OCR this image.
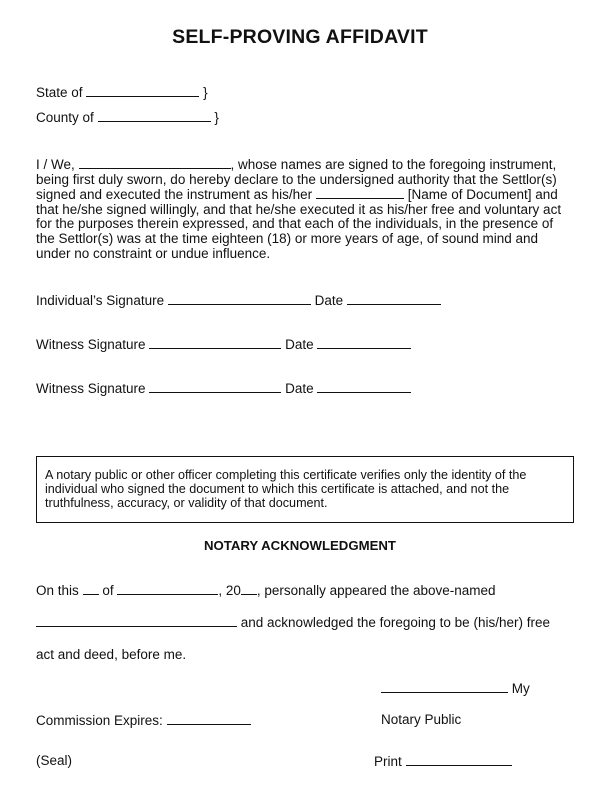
SELF-PROVING AFFIDAVIT
State of	}
County of	}
I / We,	, whose names are signed to the foregoing instrument, being first duly sworn, do hereby declare to the undersigned authority that the Settlor(s) signed and executed the instrument as his/her	[Name of Document] and that he/she signed willingly, and that he/she executed it as his/her free and voluntary act for the purposes therein expressed, and that each of the individuals, in the presence of the Settlor(s) was at the time eighteen (18) or more years of age, of sound mind and under no constraint or undue influence.
Individual’s Signature	Date
Witness Signature	Date
Witness Signature	Date
A notary public or other officer completing this certificate verifies only the identity of the individual who signed the document to which this certificate is attached, and not the truthfulness, accuracy, or validity of that document.
NOTARY ACKNOWLEDGMENT
On this of	, 20 , personally appeared the above-named
and acknowledged the foregoing to be (his/her) free
act and deed, before me.
My
Commission Expires:	Notary Public
(Seal)	Print
